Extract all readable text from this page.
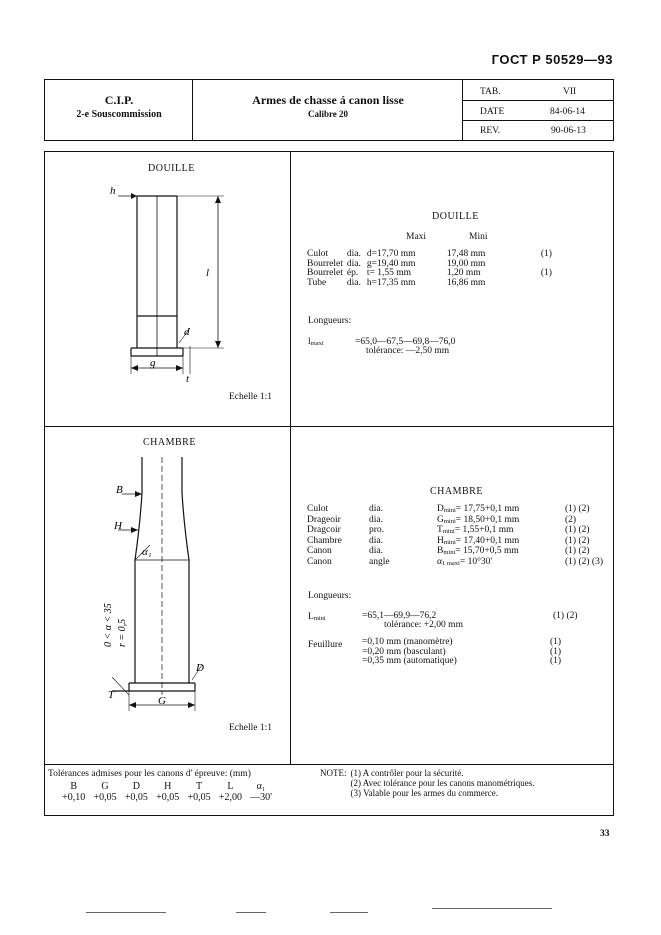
ГОСТ Р 50529—93
C.I.P.
2-e Souscommission
Armes de chasse á canon lisse
Calibre 20
TAB.	VII
DATE	84-06-14
REV.	90-06-13
DOUILLE
h
l
d
g
t
Echelle 1:1
DOUILLE
Maxi	Mini
Culot	dia.	d=17,70 mm	17,48 mm	(1)
Bourrelet	dia.	g=19,40 mm	19,00 mm	
Bourrelet	ép.	t= 1,55 mm	1,20 mm	(1)
Tube	dia.	h=17,35 mm	16,86 mm	
Longueurs:
$l_{maxi}$	=65,0—67,5—69,8—76,0
tolérance: —2,50 mm
CHAMBRE
B
H
α₁
D
G
T
0 < α < 35 r = 0,5
Echelle 1:1
CHAMBRE
Culot	dia.	$D_{mini}= 17,75+0,1$ mm	(1) (2)
Drageoir	dia.	$G_{mini}= 18,50+0,1$ mm	(2)
Dragcoir	pro.	$T_{mini}= 1,55+0,1$ mm	(1) (2)
Chambre	dia.	$H_{mini}= 17,40+0,1$ mm	(1) (2)
Canon	dia.	$B_{mini}= 15,70+0,5$ mm	(1) (2)
Canon	angle	$\alpha_{1 maxi}= 10^\circ 30'$	(1) (2) (3)
Longueurs:
$L_{mini}$	=65,1—69,9—76,2	(1) (2)
tolérance: +2,00 mm
Feuillure =0,10 mm (manomètre)	(1)
=0,20 mm (basculant)	(1)
=0,35 mm (automatique)	(1)
Tolérances admises pour les canons d' épreuve: (mm)
B	G	D	H	T	L	α₁
+0,10	+0,05	+0,05	+0,05	+0,05	+2,00	—30'
NOTE:	(1) A contrôler pour la sécurité.
(2) Avec tolérance pour les canons manométriques.
(3) Valable pour les armes du commerce.
33
